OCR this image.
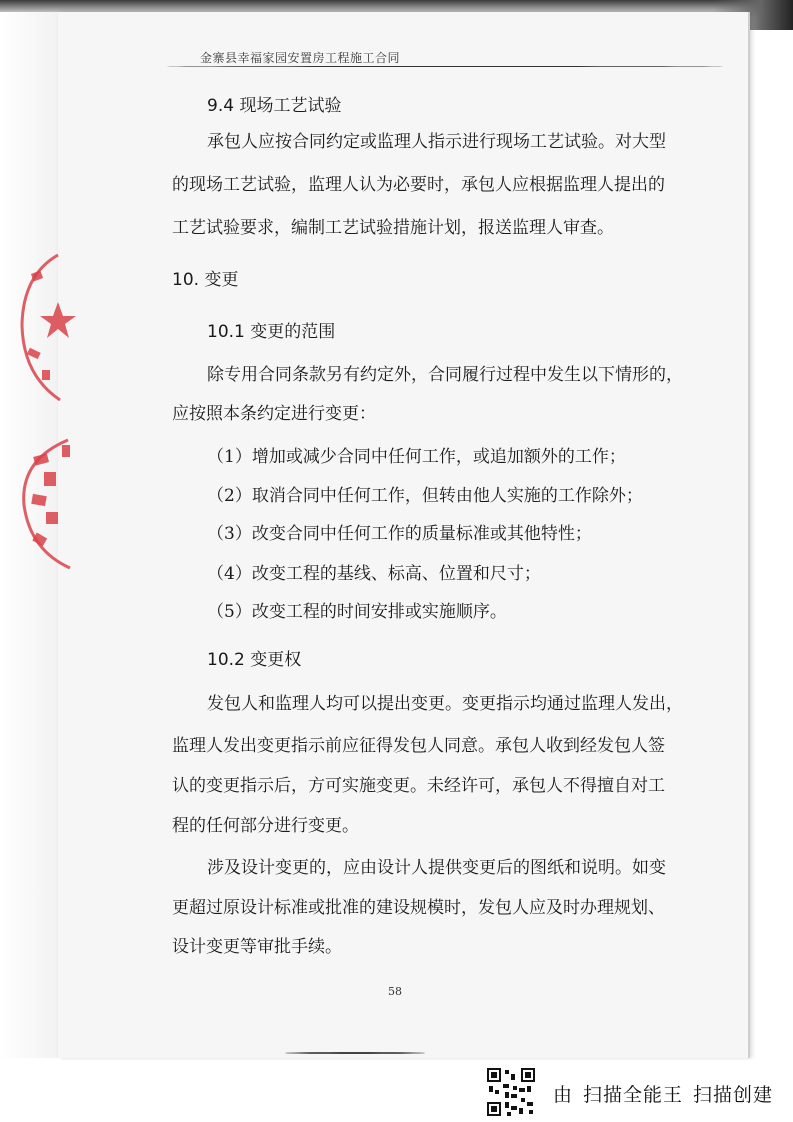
金寨县幸福家园安置房工程施工合同
9.4 现场工艺试验
承包人应按合同约定或监理人指示进行现场工艺试验。对大型
的现场工艺试验，监理人认为必要时，承包人应根据监理人提出的
工艺试验要求，编制工艺试验措施计划，报送监理人审查。
10. 变更
10.1 变更的范围
除专用合同条款另有约定外，合同履行过程中发生以下情形的，
应按照本条约定进行变更：
（1）增加或减少合同中任何工作，或追加额外的工作；
（2）取消合同中任何工作，但转由他人实施的工作除外；
（3）改变合同中任何工作的质量标准或其他特性；
（4）改变工程的基线、标高、位置和尺寸；
（5）改变工程的时间安排或实施顺序。
10.2 变更权
发包人和监理人均可以提出变更。变更指示均通过监理人发出，
监理人发出变更指示前应征得发包人同意。承包人收到经发包人签
认的变更指示后，方可实施变更。未经许可，承包人不得擅自对工
程的任何部分进行变更。
涉及设计变更的，应由设计人提供变更后的图纸和说明。如变
更超过原设计标准或批准的建设规模时，发包人应及时办理规划、
设计变更等审批手续。
58
由 扫描全能王 扫描创建
